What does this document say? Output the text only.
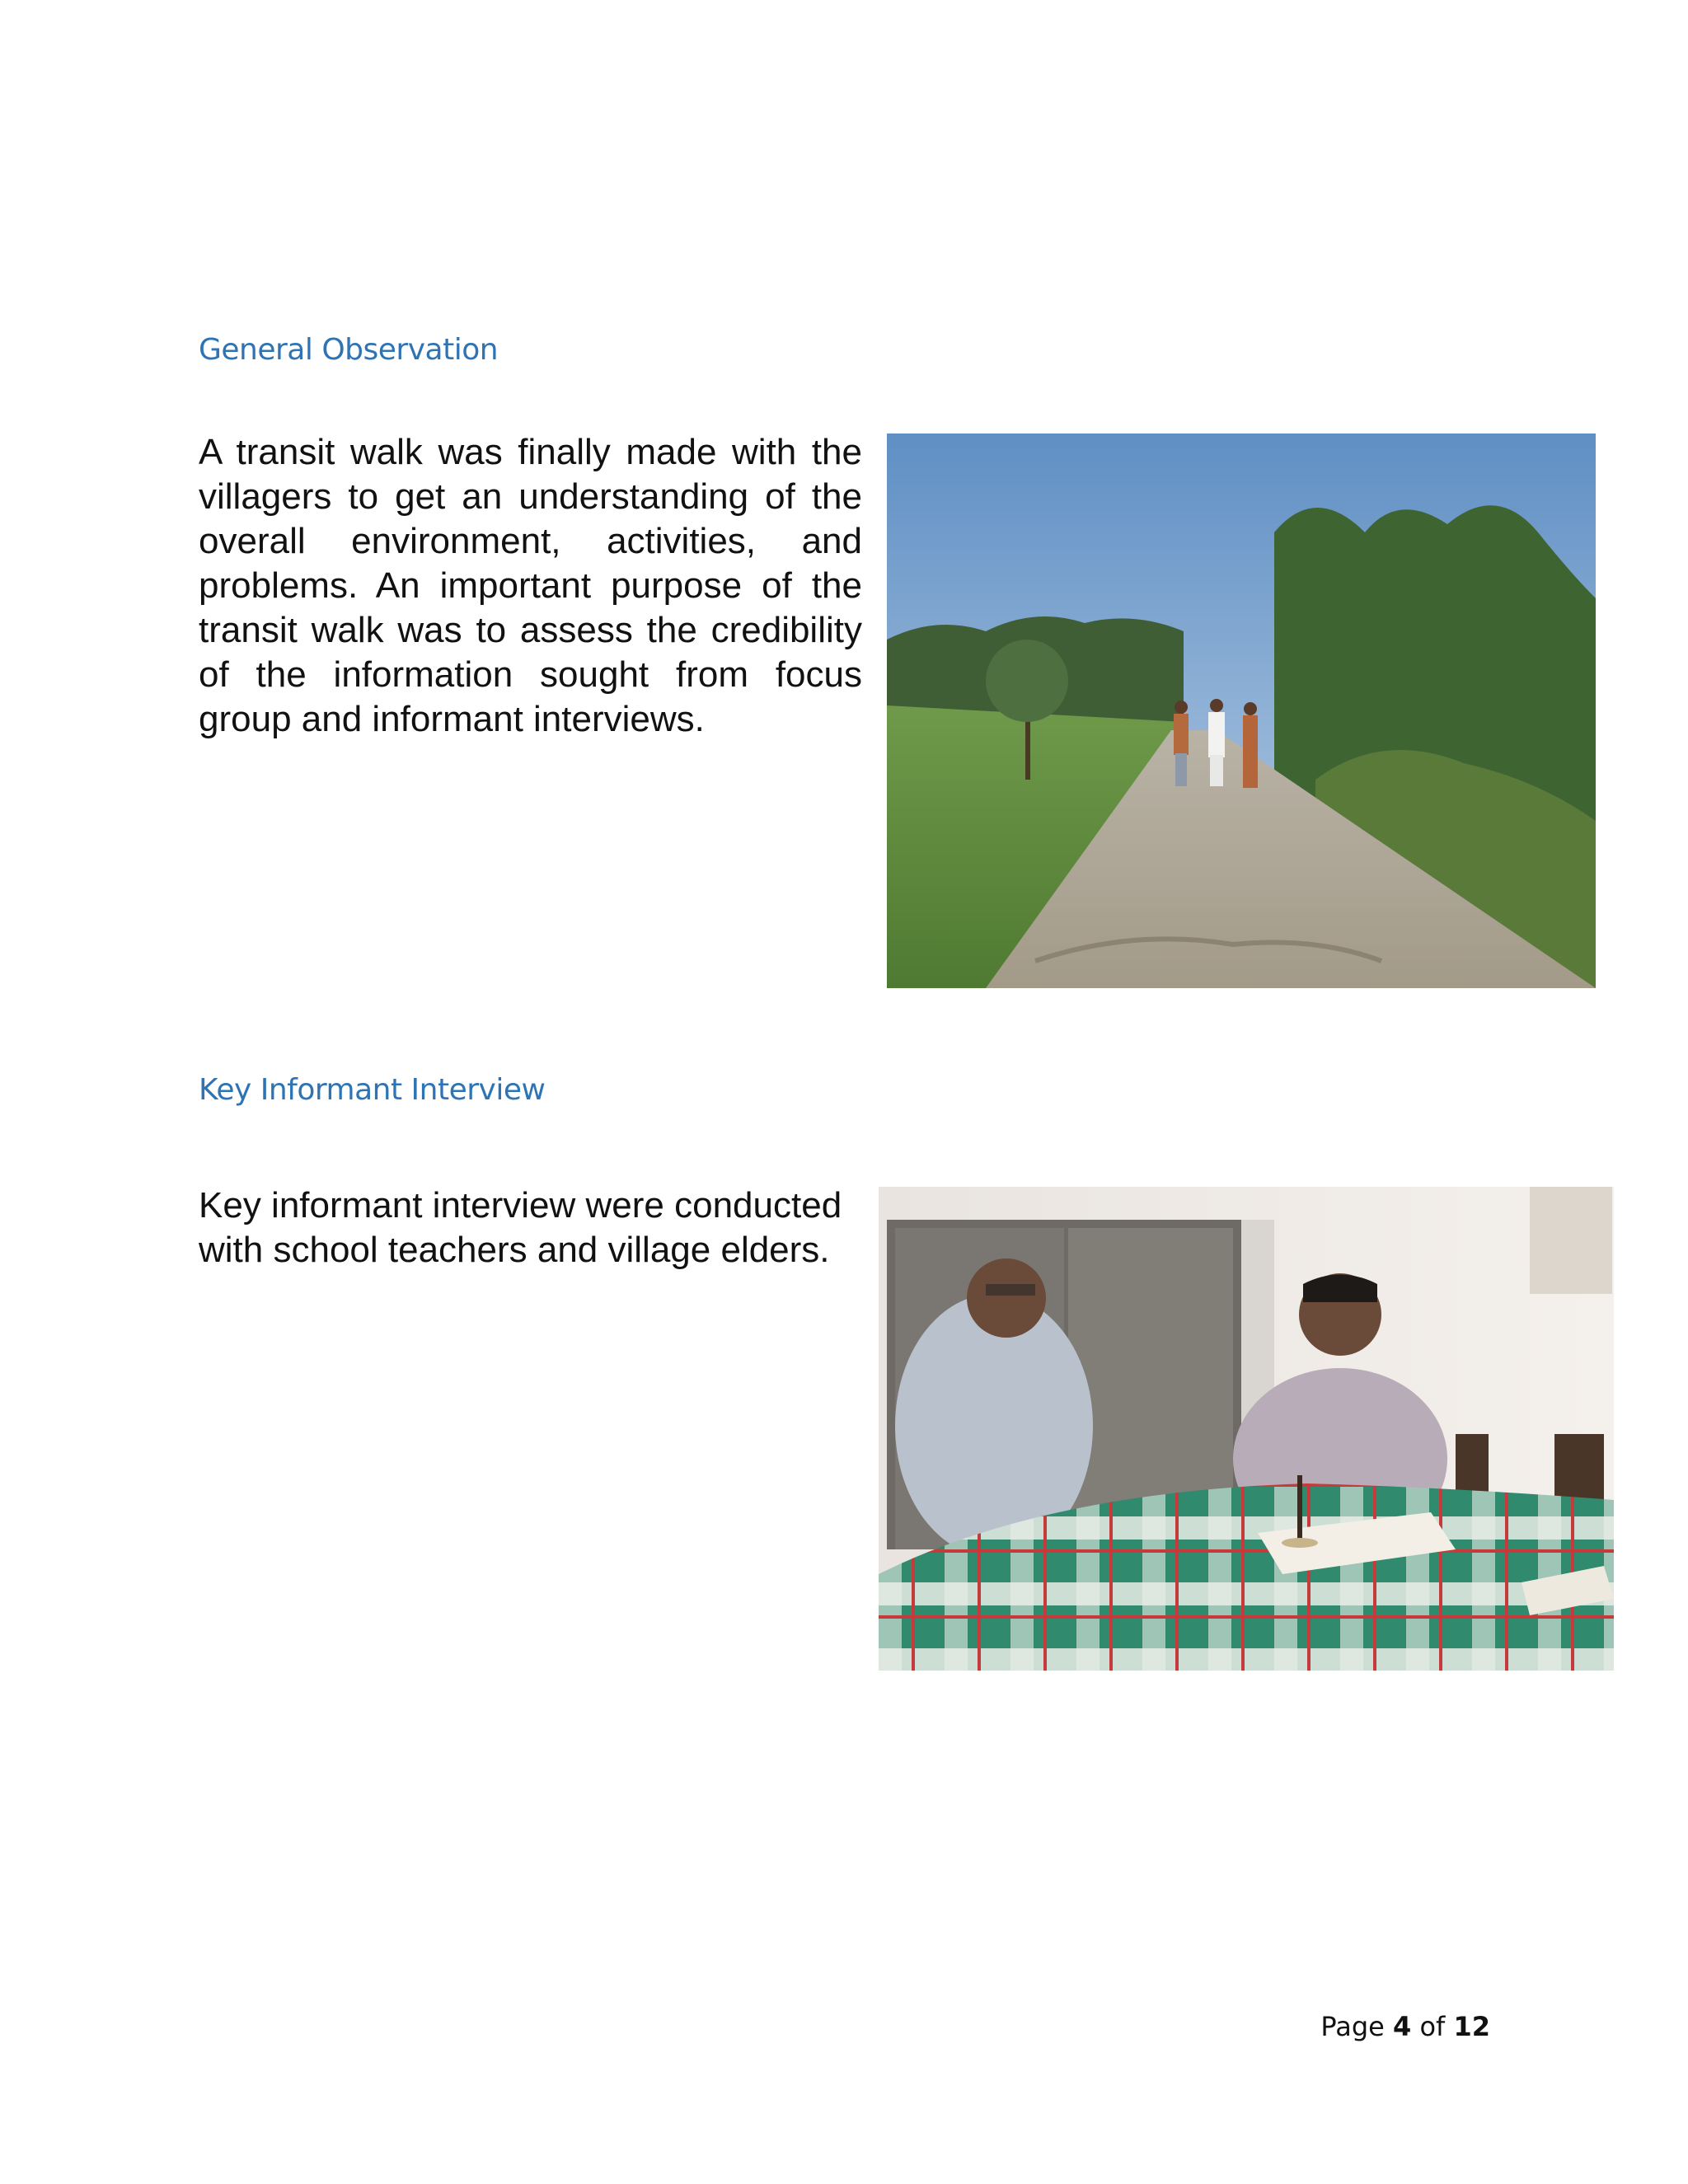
General Observation
A transit walk was finally made with the villagers to get an understanding of the overall environment, activities, and problems. An important purpose of the transit walk was to assess the credibility of the information sought from focus group and informant interviews.
Key Informant Interview
Key informant interview were conducted with school teachers and village elders.
Page 4 of 12
